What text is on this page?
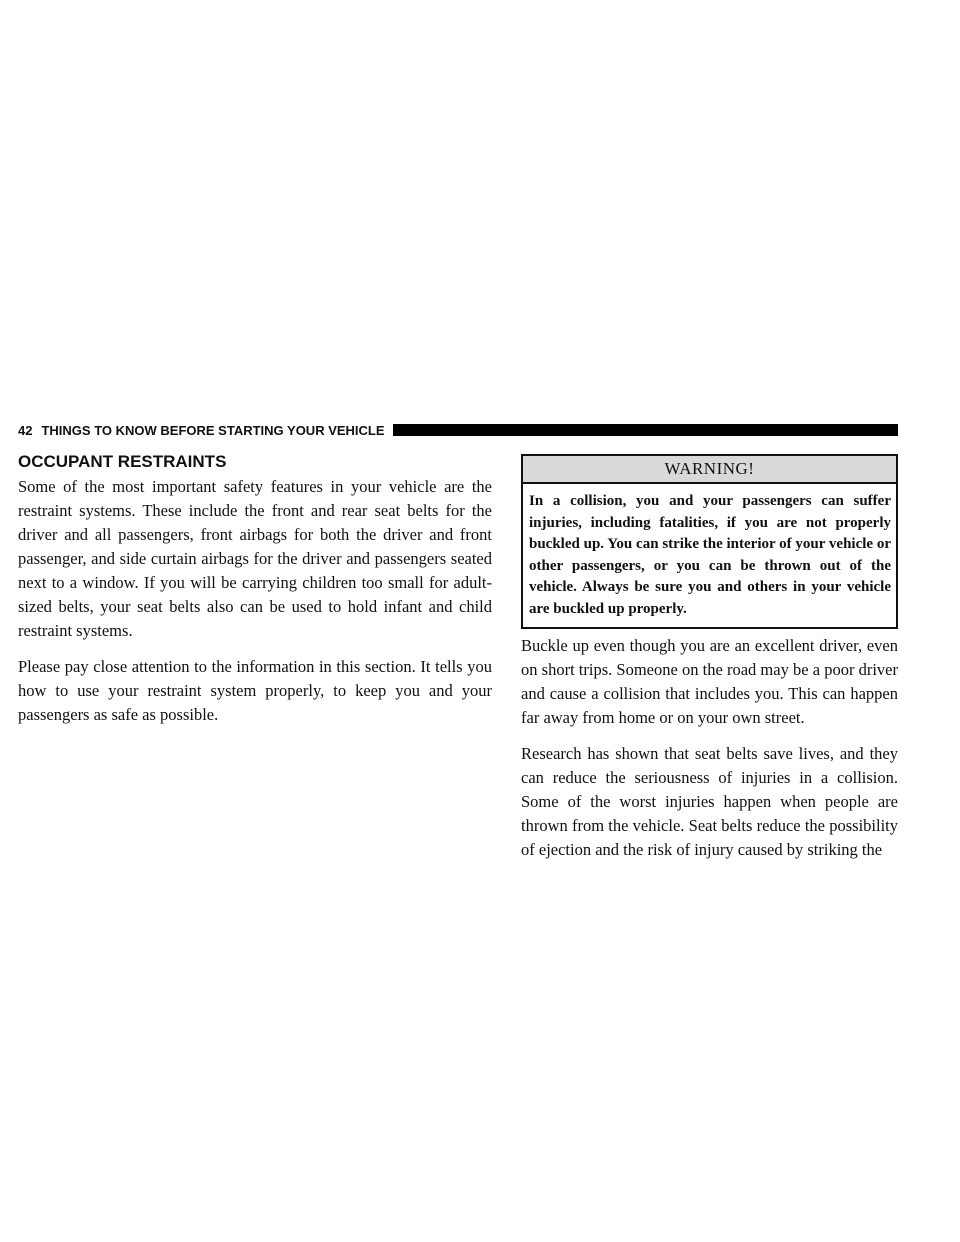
42 THINGS TO KNOW BEFORE STARTING YOUR VEHICLE
OCCUPANT RESTRAINTS

Some of the most important safety features in your vehicle are the restraint systems. These include the front and rear seat belts for the driver and all passengers, front airbags for both the driver and front passenger, and side curtain airbags for the driver and passengers seated next to a window. If you will be carrying children too small for adult-sized belts, your seat belts also can be used to hold infant and child restraint systems.

Please pay close attention to the information in this section. It tells you how to use your restraint system properly, to keep you and your passengers as safe as possible.

WARNING!

In a collision, you and your passengers can suffer injuries, including fatalities, if you are not properly buckled up. You can strike the interior of your vehicle or other passengers, or you can be thrown out of the vehicle. Always be sure you and others in your vehicle are buckled up properly.

Buckle up even though you are an excellent driver, even on short trips. Someone on the road may be a poor driver and cause a collision that includes you. This can happen far away from home or on your own street.

Research has shown that seat belts save lives, and they can reduce the seriousness of injuries in a collision. Some of the worst injuries happen when people are thrown from the vehicle. Seat belts reduce the possibility of ejection and the risk of injury caused by striking the
